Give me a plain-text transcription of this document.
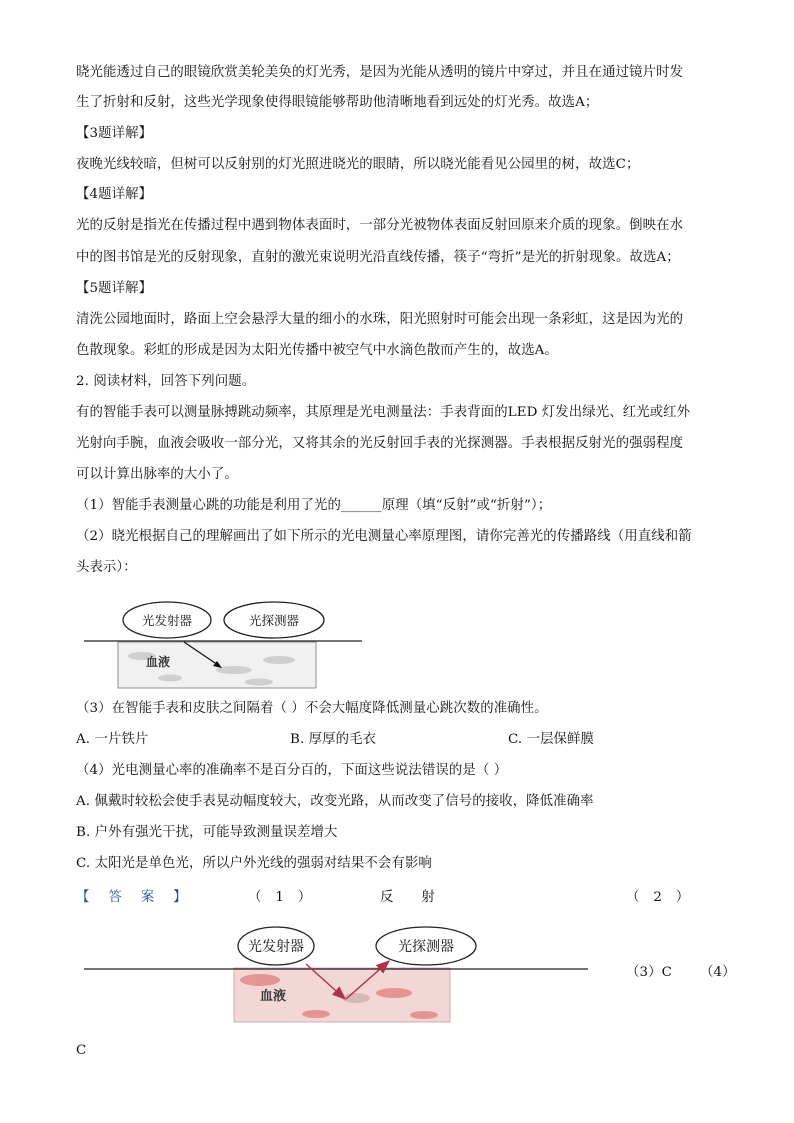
晓光能透过自己的眼镜欣赏美轮美奂的灯光秀，是因为光能从透明的镜片中穿过，并且在通过镜片时发
生了折射和反射，这些光学现象使得眼镜能够帮助他清晰地看到远处的灯光秀。故选A；
【3题详解】
夜晚光线较暗，但树可以反射别的灯光照进晓光的眼睛，所以晓光能看见公园里的树，故选C；
【4题详解】
光的反射是指光在传播过程中遇到物体表面时，一部分光被物体表面反射回原来介质的现象。倒映在水
中的图书馆是光的反射现象，直射的激光束说明光沿直线传播，筷子“弯折”是光的折射现象。故选A；
【5题详解】
清洗公园地面时，路面上空会悬浮大量的细小的水珠，阳光照射时可能会出现一条彩虹，这是因为光的
色散现象。彩虹的形成是因为太阳光传播中被空气中水滴色散而产生的，故选A。
2. 阅读材料，回答下列问题。
有的智能手表可以测量脉搏跳动频率，其原理是光电测量法：手表背面的LED 灯发出绿光、红光或红外
光射向手腕，血液会吸收一部分光，又将其余的光反射回手表的光探测器。手表根据反射光的强弱程度
可以计算出脉率的大小了。
（1）智能手表测量心跳的功能是利用了光的______原理（填“反射”或“折射”）；
（2）晓光根据自己的理解画出了如下所示的光电测量心率原理图，请你完善光的传播路线（用直线和箭
头表示）：
光发射器	光探测器
血液
（3）在智能手表和皮肤之间隔着（ ）不会大幅度降低测量心跳次数的准确性。
A. 一片铁片	B. 厚厚的毛衣	C. 一层保鲜膜
（4）光电测量心率的准确率不是百分百的，下面这些说法错误的是（ ）
A. 佩戴时较松会使手表晃动幅度较大，改变光路，从而改变了信号的接收，降低准确率
B. 户外有强光干扰，可能导致测量误差增大
C. 太阳光是单色光，所以户外光线的强弱对结果不会有影响
【答案】	（1）	反射	（2）
光发射器	光探测器
血液
（3）C （4）
C
